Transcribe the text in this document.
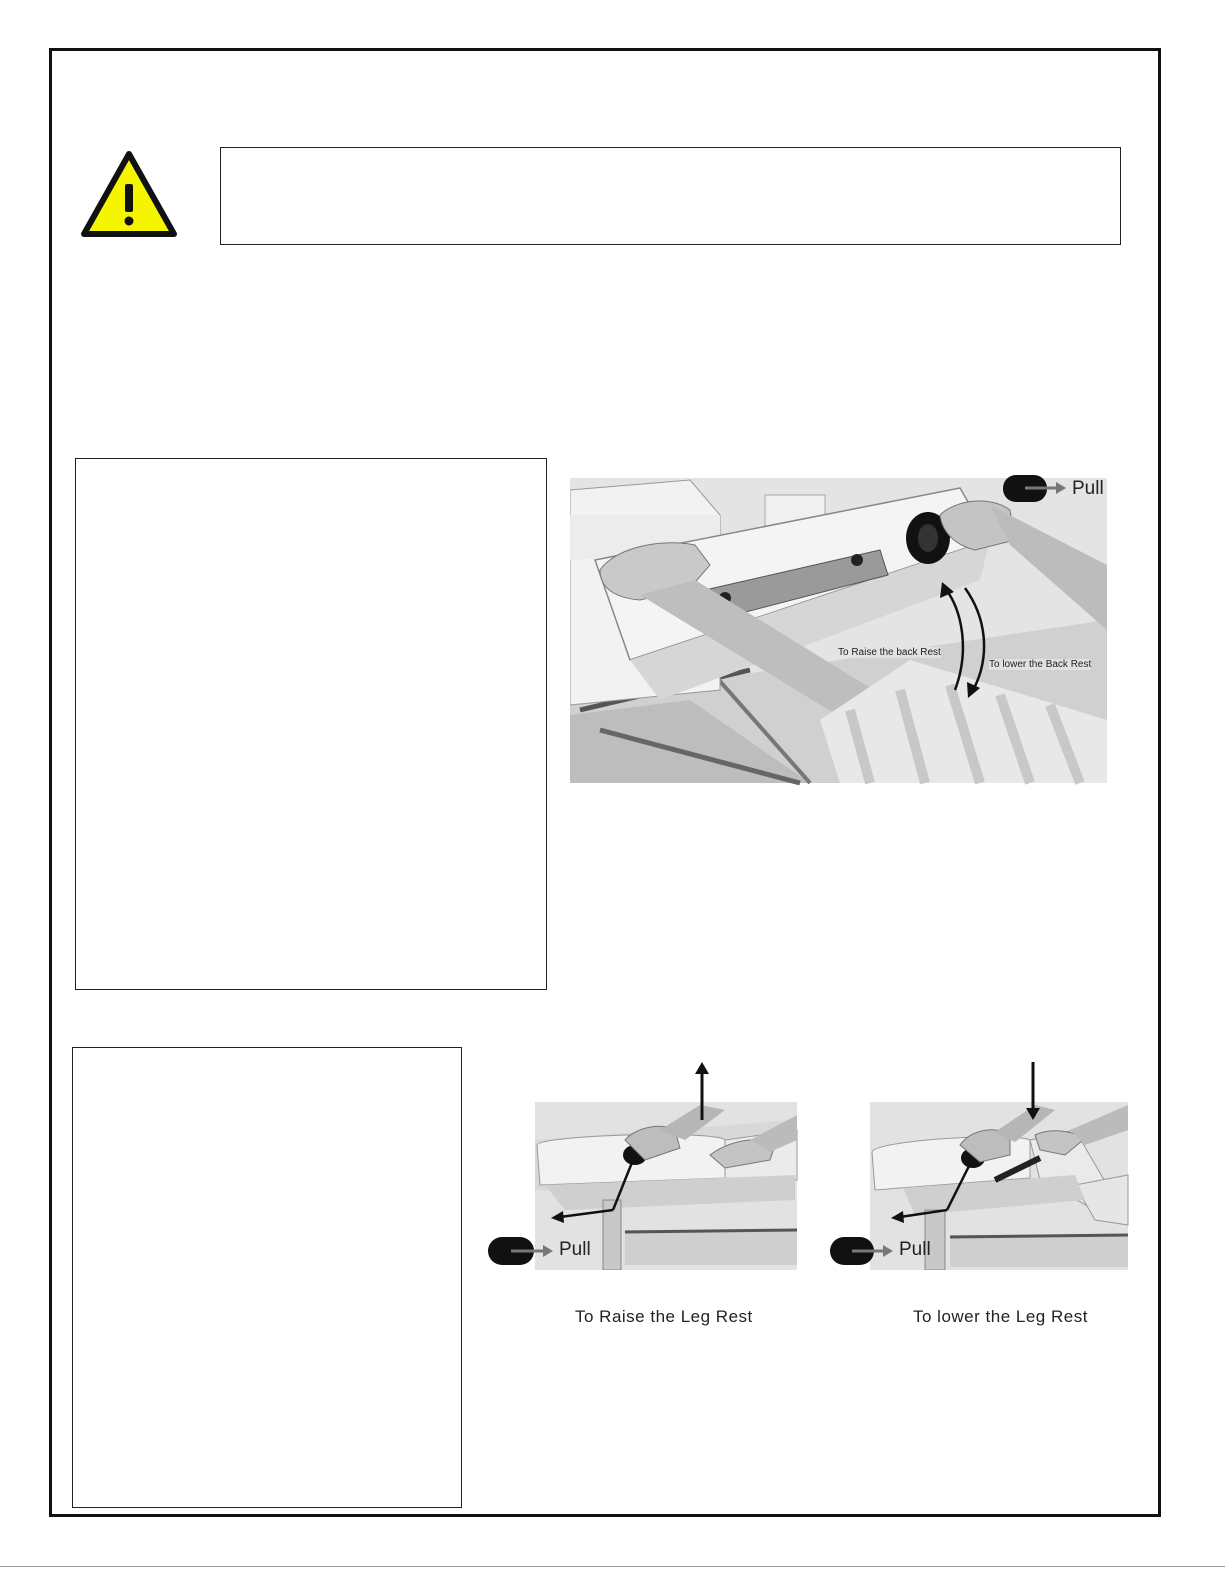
Pull
To Raise the back Rest
To lower the Back Rest
Pull
To Raise the Leg Rest
Pull
To lower the Leg Rest
